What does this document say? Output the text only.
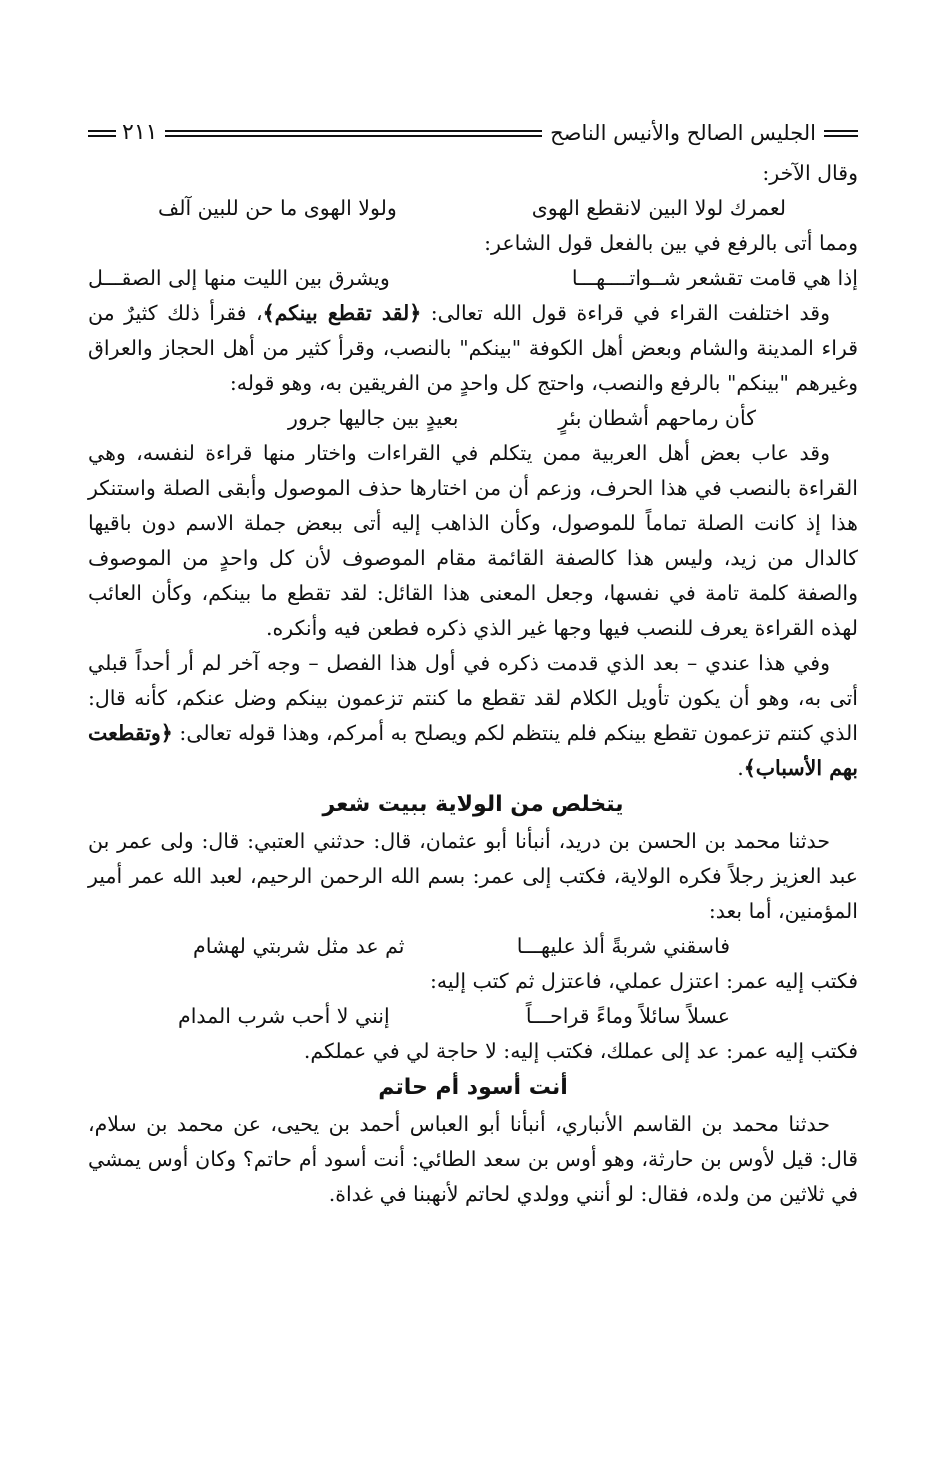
الجليس الصالح والأنيس الناصح
٢١١

وقال الآخر:

لعمرك لولا البين لانقطع الهوى
ولولا الهوى ما حن للبين آلف

ومما أتى بالرفع في بين بالفعل قول الشاعر:

إذا هي قامت تقشعر شــواتــــهـــا
ويشرق بين الليت منها إلى الصقـــل

وقد اختلفت القراء في قراءة قول الله تعالى: ﴿لقد تقطع بينكم﴾، فقرأ ذلك كثيرٌ من قراء المدينة والشام وبعض أهل الكوفة "بينكم" بالنصب، وقرأ كثير من أهل الحجاز والعراق وغيرهم "بينكم" بالرفع والنصب، واحتج كل واحدٍ من الفريقين به، وهو قوله:

كأن رماحهم أشطان بئرٍ
بعيدٍ بين جاليها جرور

وقد عاب بعض أهل العربية ممن يتكلم في القراءات واختار منها قراءة لنفسه، وهي القراءة بالنصب في هذا الحرف، وزعم أن من اختارها حذف الموصول وأبقى الصلة واستنكر هذا إذ كانت الصلة تماماً للموصول، وكأن الذاهب إليه أتى ببعض جملة الاسم دون باقيها كالدال من زيد، وليس هذا كالصفة القائمة مقام الموصوف لأن كل واحدٍ من الموصوف والصفة كلمة تامة في نفسها، وجعل المعنى هذا القائل: لقد تقطع ما بينكم، وكأن العائب لهذه القراءة يعرف للنصب فيها وجها غير الذي ذكره فطعن فيه وأنكره.

وفي هذا عندي – بعد الذي قدمت ذكره في أول هذا الفصل – وجه آخر لم أر أحداً قبلي أتى به، وهو أن يكون تأويل الكلام لقد تقطع ما كنتم تزعمون بينكم وضل عنكم، كأنه قال: الذي كنتم تزعمون تقطع بينكم فلم ينتظم لكم ويصلح به أمركم، وهذا قوله تعالى: ﴿وتقطعت بهم الأسباب﴾.

يتخلص من الولاية ببيت شعر

حدثنا محمد بن الحسن بن دريد، أنبأنا أبو عثمان، قال: حدثني العتبي: قال: ولى عمر بن عبد العزيز رجلاً فكره الولاية، فكتب إلى عمر: بسم الله الرحمن الرحيم، لعبد الله عمر أمير المؤمنين، أما بعد:

فاسقني شربةً ألذ عليهـــا
ثم عد مثل شربتي لهشام

فكتب إليه عمر: اعتزل عملي، فاعتزل ثم كتب إليه:

عسلاً سائلاً وماءً قراحـــاً
إنني لا أحب شرب المدام

فكتب إليه عمر: عد إلى عملك، فكتب إليه: لا حاجة لي في عملكم.

أنت أسود أم حاتم

حدثنا محمد بن القاسم الأنباري، أنبأنا أبو العباس أحمد بن يحيى، عن محمد بن سلام، قال: قيل لأوس بن حارثة، وهو أوس بن سعد الطائي: أنت أسود أم حاتم؟ وكان أوس يمشي في ثلاثين من ولده، فقال: لو أنني وولدي لحاتم لأنهبنا في غداة.
